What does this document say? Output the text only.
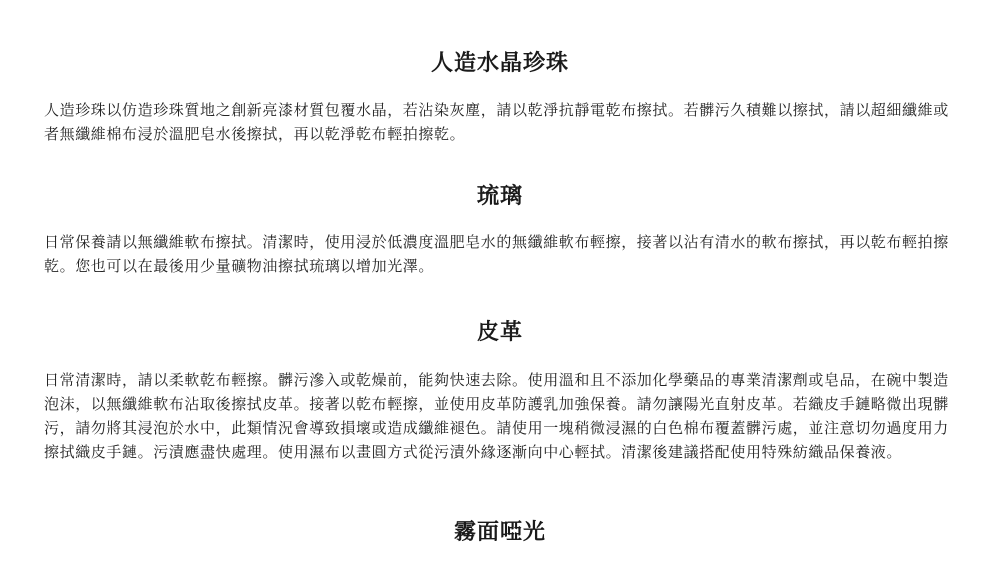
人造水晶珍珠

人造珍珠以仿造珍珠質地之創新亮漆材質包覆水晶，若沾染灰塵，請以乾淨抗靜電乾布擦拭。若髒污久積難以擦拭，請以超細纖維或者無纖維棉布浸於溫肥皂水後擦拭，再以乾淨乾布輕拍擦乾。

琉璃

日常保養請以無纖維軟布擦拭。清潔時，使用浸於低濃度溫肥皂水的無纖維軟布輕擦，接著以沾有清水的軟布擦拭，再以乾布輕拍擦乾。您也可以在最後用少量礦物油擦拭琉璃以增加光澤。

皮革

日常清潔時，請以柔軟乾布輕擦。髒污滲入或乾燥前，能夠快速去除。使用溫和且不添加化學藥品的專業清潔劑或皂品，在碗中製造泡沫，以無纖維軟布沾取後擦拭皮革。接著以乾布輕擦，並使用皮革防護乳加強保養。請勿讓陽光直射皮革。若織皮手鏈略微出現髒污，請勿將其浸泡於水中，此類情況會導致損壞或造成纖維褪色。請使用一塊稍微浸濕的白色棉布覆蓋髒污處，並注意切勿過度用力擦拭織皮手鏈。污漬應盡快處理。使用濕布以畫圓方式從污漬外緣逐漸向中心輕拭。清潔後建議搭配使用特殊紡織品保養液。

霧面啞光
